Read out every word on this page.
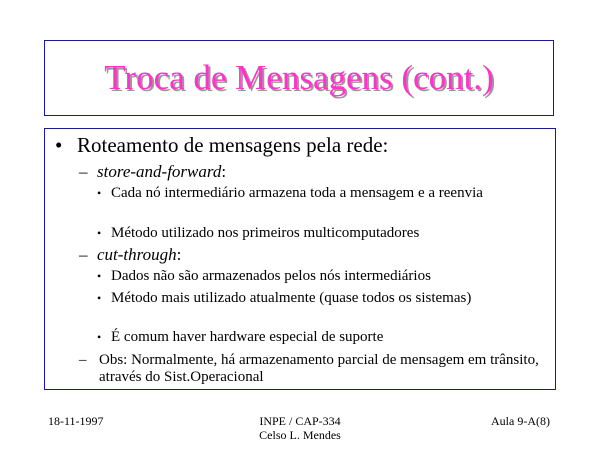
Troca de Mensagens (cont.)
• Roteamento de mensagens pela rede:
– store-and-forward:
• Cada nó intermediário armazena toda a mensagem e a reenvia
• Método utilizado nos primeiros multicomputadores
– cut-through:
• Dados não são armazenados pelos nós intermediários
• Método mais utilizado atualmente (quase todos os sistemas)
• É comum haver hardware especial de suporte
– Obs: Normalmente, há armazenamento parcial de mensagem em trânsito, através do Sist.Operacional
18-11-1997	INPE / CAP-334
Celso L. Mendes
Aula 9-A(8)
